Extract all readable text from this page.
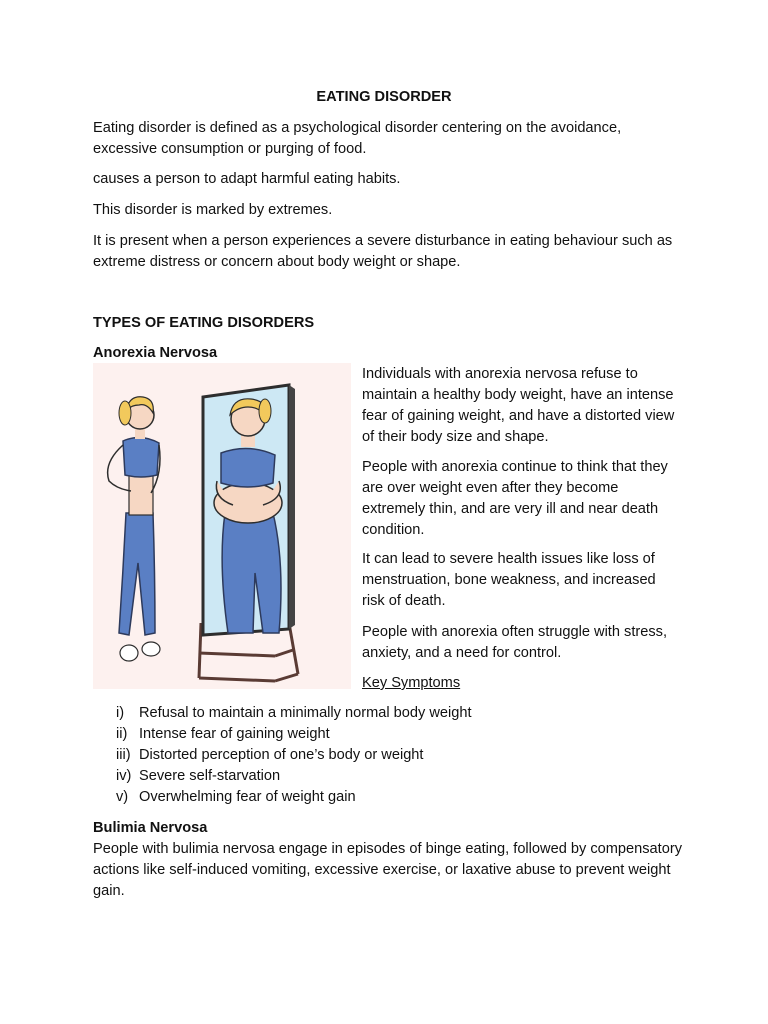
EATING DISORDER

Eating disorder is defined as a psychological disorder centering on the avoidance, excessive consumption or purging of food.

causes a person to adapt harmful eating habits.

This disorder is marked by extremes.

It is present when a person experiences a severe disturbance in eating behaviour such as extreme distress or concern about body weight or shape.

TYPES OF EATING DISORDERS

Anorexia Nervosa

Individuals with anorexia nervosa refuse to maintain a healthy body weight, have an intense fear of gaining weight, and have a distorted view of their body size and shape.

People with anorexia continue to think that they are over weight even after they become extremely thin, and are very ill and near death condition.

It can lead to severe health issues like loss of menstruation, bone weakness, and increased risk of death.

People with anorexia often struggle with stress, anxiety, and a need for control.

Key Symptoms

i)	Refusal to maintain a minimally normal body weight
ii) Intense fear of gaining weight
iii) Distorted perception of one’s body or weight
iv) Severe self-starvation
v) Overwhelming fear of weight gain

Bulimia Nervosa

People with bulimia nervosa engage in episodes of binge eating, followed by compensatory actions like self-induced vomiting, excessive exercise, or laxative abuse to prevent weight gain.
